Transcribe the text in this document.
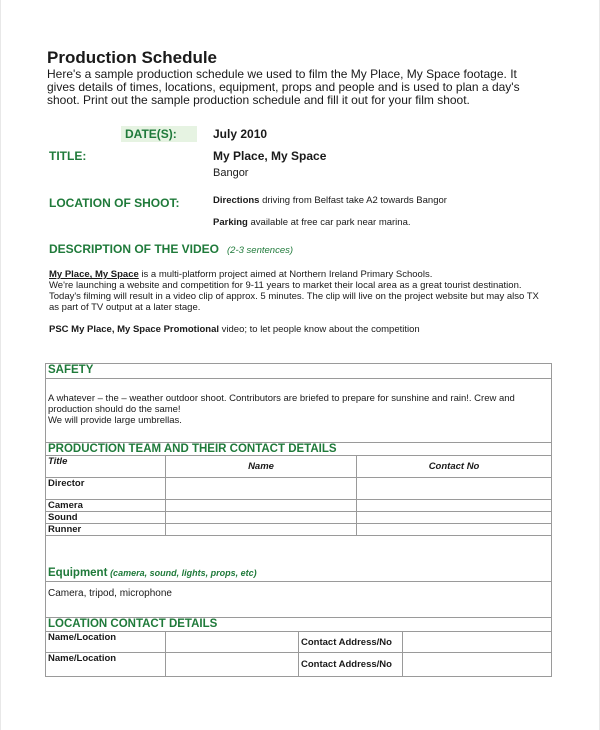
Production Schedule
Here's a sample production schedule we used to film the My Place, My Space footage. It gives details of times, locations, equipment, props and people and is used to plan a day's shoot. Print out the sample production schedule and fill it out for your film shoot.
DATE(S):	July 2010
TITLE:	My Place, My Space
Bangor
LOCATION OF SHOOT:	Directions driving from Belfast take A2 towards Bangor
Parking available at free car park near marina.
DESCRIPTION OF THE VIDEO (2-3 sentences)
My Place, My Space is a multi-platform project aimed at Northern Ireland Primary Schools.
We're launching a website and competition for 9-11 years to market their local area as a great tourist destination.
Today's filming will result in a video clip of approx. 5 minutes. The clip will live on the project website but may also TX as part of TV output at a later stage.
PSC My Place, My Space Promotional video; to let people know about the competition
SAFETY				

A whatever – the – weather outdoor shoot. Contributors are briefed to prepare for sunshine and rain!. Crew and production should do the same!
We will provide large umbrellas.				

PRODUCTION TEAM AND THEIR CONTACT DETAILS				
Title	Name		Contact No	
Director				
Camera				
Sound				
Runner				
Equipment (camera, sound, lights, props, etc)				
Camera, tripod, microphone				
LOCATION CONTACT DETAILS				
Name/Location		Contact Address/No		
Name/Location		Contact Address/No		
